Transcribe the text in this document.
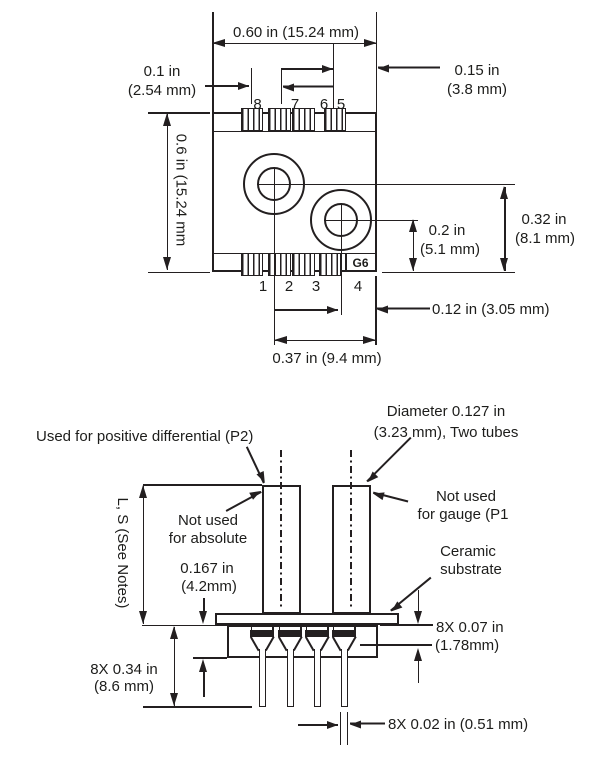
0.60 in (15.24 mm)
0.1 in
(2.54 mm)
0.15 in
(3.8 mm)
8 7 6 5
1 2 3 4
G6
0.2 in
(5.1 mm)
0.32 in
(8.1 mm)
0.12 in (3.05 mm)
0.37 in (9.4 mm)
0.6 in (15.24 mm
Used for positive differential (P2)
Diameter 0.127 in
(3.23 mm), Two tubes
Not used
for absolute
Not used
for gauge (P1
L, S (See Notes)	Ceramic
substrate
0.167 in
(4.2mm)
8X 0.07 in
(1.78mm)
8X 0.34 in
(8.6 mm)
8X 0.02 in (0.51 mm)
